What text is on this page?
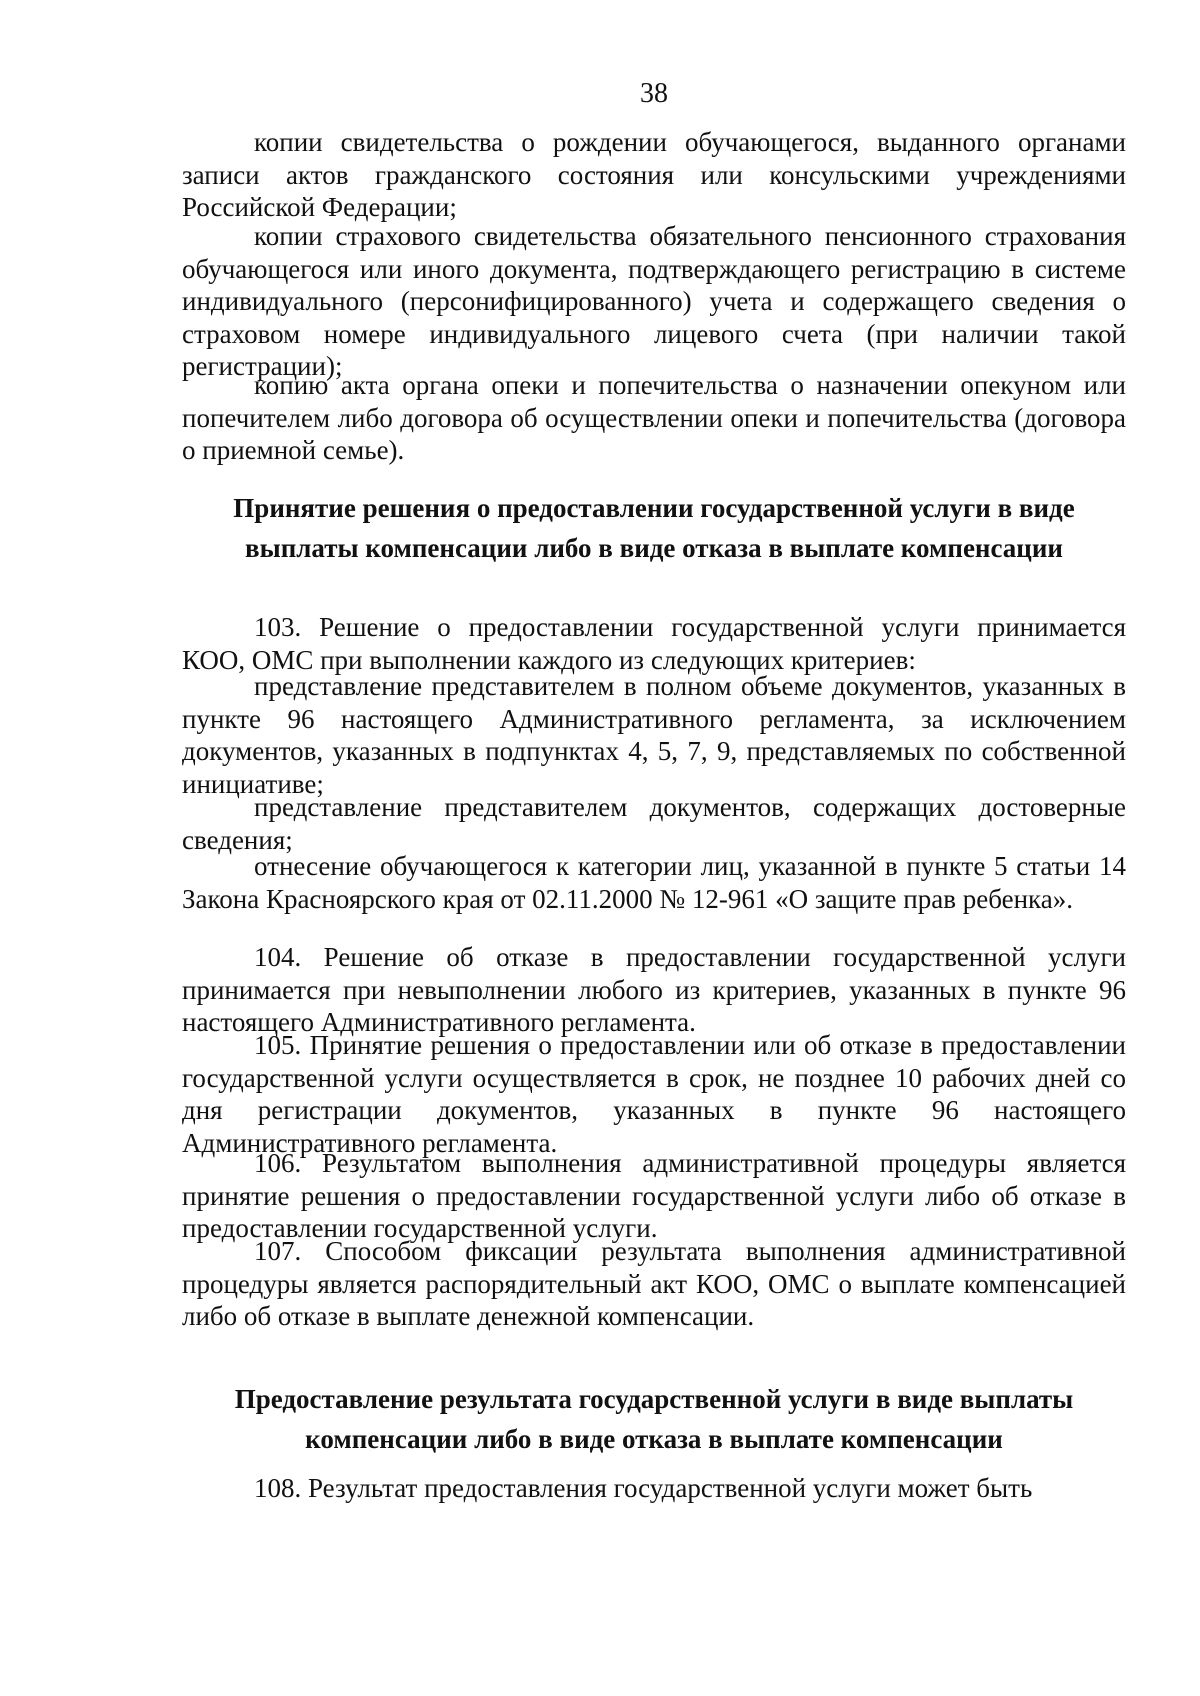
38

копии свидетельства о рождении обучающегося, выданного органами записи актов гражданского состояния или консульскими учреждениями Российской Федерации;

копии страхового свидетельства обязательного пенсионного страхования обучающегося или иного документа, подтверждающего регистрацию в системе индивидуального (персонифицированного) учета и содержащего сведения о страховом номере индивидуального лицевого счета (при наличии такой регистрации);

копию акта органа опеки и попечительства о назначении опекуном или попечителем либо договора об осуществлении опеки и попечительства (договора о приемной семье).

Принятие решения о предоставлении государственной услуги в виде выплаты компенсации либо в виде отказа в выплате компенсации

103. Решение о предоставлении государственной услуги принимается КОО, ОМС при выполнении каждого из следующих критериев:

представление представителем в полном объеме документов, указанных в пункте 96 настоящего Административного регламента, за исключением документов, указанных в подпунктах 4, 5, 7, 9, представляемых по собственной инициативе;

представление представителем документов, содержащих достоверные сведения;

отнесение обучающегося к категории лиц, указанной в пункте 5 статьи 14 Закона Красноярского края от 02.11.2000 № 12-961 «О защите прав ребенка».

104. Решение об отказе в предоставлении государственной услуги принимается при невыполнении любого из критериев, указанных в пункте 96 настоящего Административного регламента.

105. Принятие решения о предоставлении или об отказе в предоставлении государственной услуги осуществляется в срок, не позднее 10 рабочих дней со дня регистрации документов, указанных в пункте 96 настоящего Административного регламента.

106. Результатом выполнения административной процедуры является принятие решения о предоставлении государственной услуги либо об отказе в предоставлении государственной услуги.

107. Способом фиксации результата выполнения административной процедуры является распорядительный акт КОО, ОМС о выплате компенсацией либо об отказе в выплате денежной компенсации.

Предоставление результата государственной услуги в виде выплаты компенсации либо в виде отказа в выплате компенсации

108. Результат предоставления государственной услуги может быть
